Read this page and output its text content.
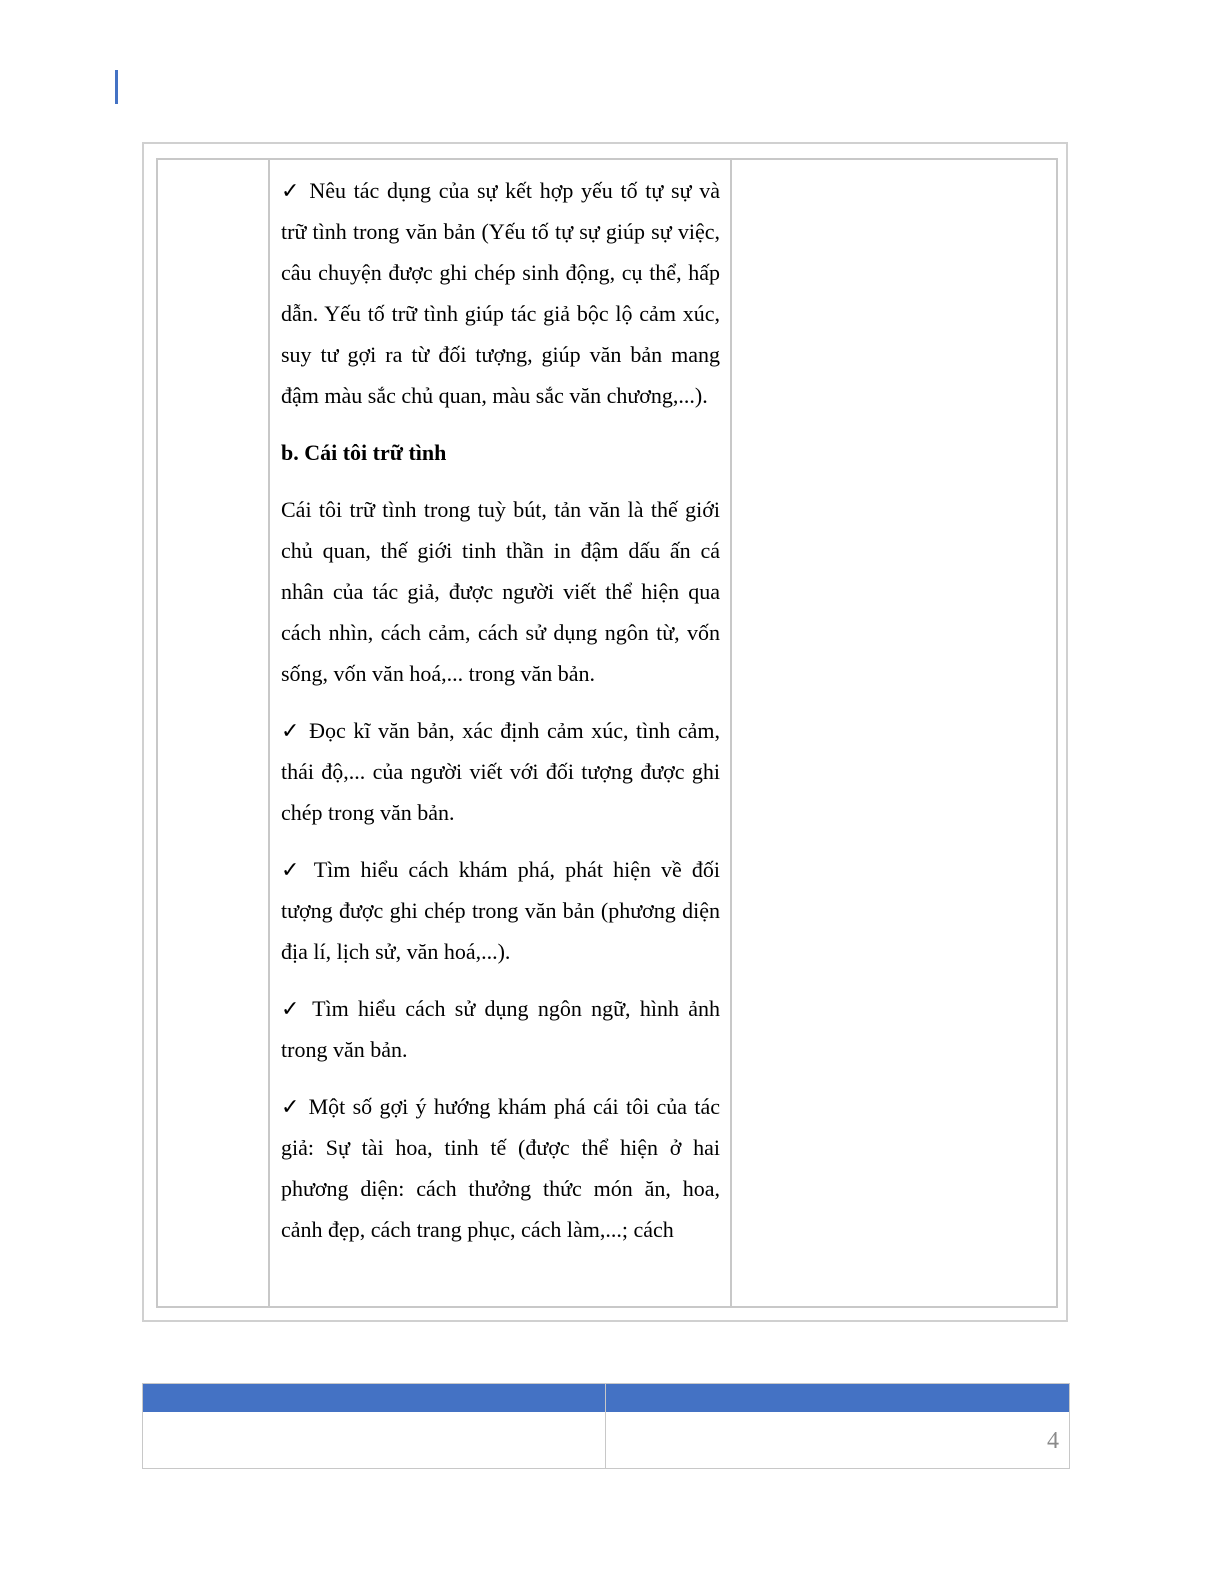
✓ Nêu tác dụng của sự kết hợp yếu tố tự sự và trữ tình trong văn bản (Yếu tố tự sự giúp sự việc, câu chuyện được ghi chép sinh động, cụ thể, hấp dẫn. Yếu tố trữ tình giúp tác giả bộc lộ cảm xúc, suy tư gợi ra từ đối tượng, giúp văn bản mang đậm màu sắc chủ quan, màu sắc văn chương,...).

b. Cái tôi trữ tình

Cái tôi trữ tình trong tuỳ bút, tản văn là thế giới chủ quan, thế giới tinh thần in đậm dấu ấn cá nhân của tác giả, được người viết thể hiện qua cách nhìn, cách cảm, cách sử dụng ngôn từ, vốn sống, vốn văn hoá,... trong văn bản.

✓ Đọc kĩ văn bản, xác định cảm xúc, tình cảm, thái độ,... của người viết với đối tượng được ghi chép trong văn bản.

✓ Tìm hiểu cách khám phá, phát hiện về đối tượng được ghi chép trong văn bản (phương diện địa lí, lịch sử, văn hoá,...).

✓ Tìm hiểu cách sử dụng ngôn ngữ, hình ảnh trong văn bản.

✓ Một số gợi ý hướng khám phá cái tôi của tác giả: Sự tài hoa, tinh tế (được thể hiện ở hai phương diện: cách thưởng thức món ăn, hoa, cảnh đẹp, cách trang phục, cách làm,...; cách

4
